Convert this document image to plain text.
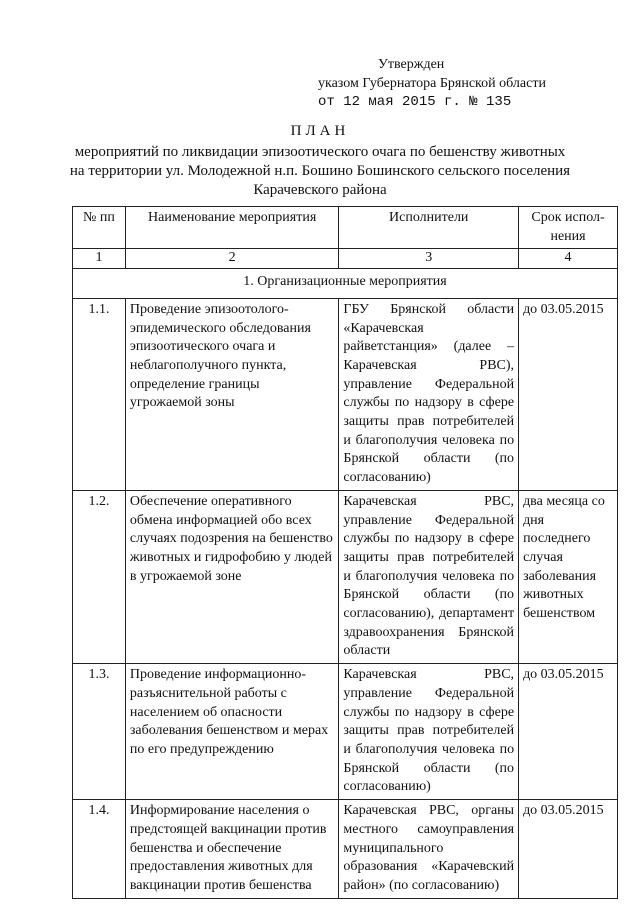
Утвержден
указом Губернатора Брянской области
от 12 мая 2015 г. № 135
ПЛАН
мероприятий по ликвидации эпизоотического очага по бешенству животных
на территории ул. Молодежной н.п. Бошино Бошинского сельского поселения
Карачевского района
№ пп	Наименование мероприятия	Исполнители	Срок испол-нения
1	2	3	4
1. Организационные мероприятия			
1.1.	Проведение эпизоотолого-эпидемического обследования эпизоотического очага и неблагополучного пункта, определение границы угрожаемой зоны	ГБУ Брянской области «Карачевская райветстанция» (далее – Карачевская РВС), управление Федеральной службы по надзору в сфере защиты прав потребителей и благополучия человека по Брянской области (по согласованию)	до 03.05.2015
1.2.	Обеспечение оперативного обмена информацией обо всех случаях подозрения на бешенство животных и гидрофобию у людей в угрожаемой зоне	Карачевская РВС, управление Федеральной службы по надзору в сфере защиты прав потребителей и благополучия человека по Брянской области (по согласованию), департамент здравоохранения Брянской области	два месяца со дня последнего случая заболевания животных бешенством
1.3.	Проведение информационно-разъяснительной работы с населением об опасности заболевания бешенством и мерах по его предупреждению	Карачевская РВС, управление Федеральной службы по надзору в сфере защиты прав потребителей и благополучия человека по Брянской области (по согласованию)	до 03.05.2015
1.4.	Информирование населения о предстоящей вакцинации против бешенства и обеспечение предоставления животных для вакцинации против бешенства	Карачевская РВС, органы местного самоуправления муниципального образования «Карачевский район» (по согласованию)	до 03.05.2015
